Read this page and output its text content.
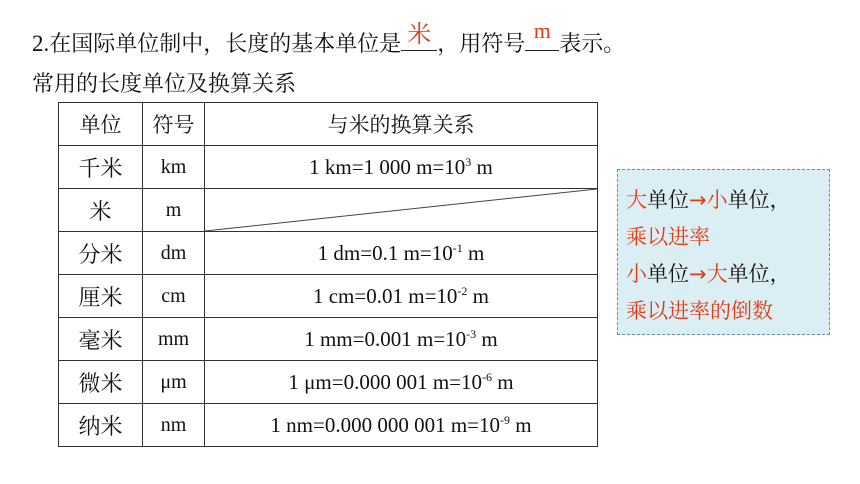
2.在国际单位制中，长度的基本单位是 米 ，用符号
m
表示。
常用的长度单位及换算关系
单位	符号	与米的换算关系
千米	km	1 km=1 000 $m=10^3$ m
米	m	

分米	dm	1 dm=0.1 $m=10^{-1}$ m
厘米	cm	1 cm=0.01 $m=10^{-2}$ m
毫米	mm	1 mm=0.001 $m=10^{-3}$ m
微米	μm	1 μm=0.000 001 $m=10^{-6}$ m
纳米	nm	1 nm=0.000 000 001 $m=10^{-9}$ m
大单位→小单位，
乘以进率
小单位→大单位，
乘以进率的倒数
